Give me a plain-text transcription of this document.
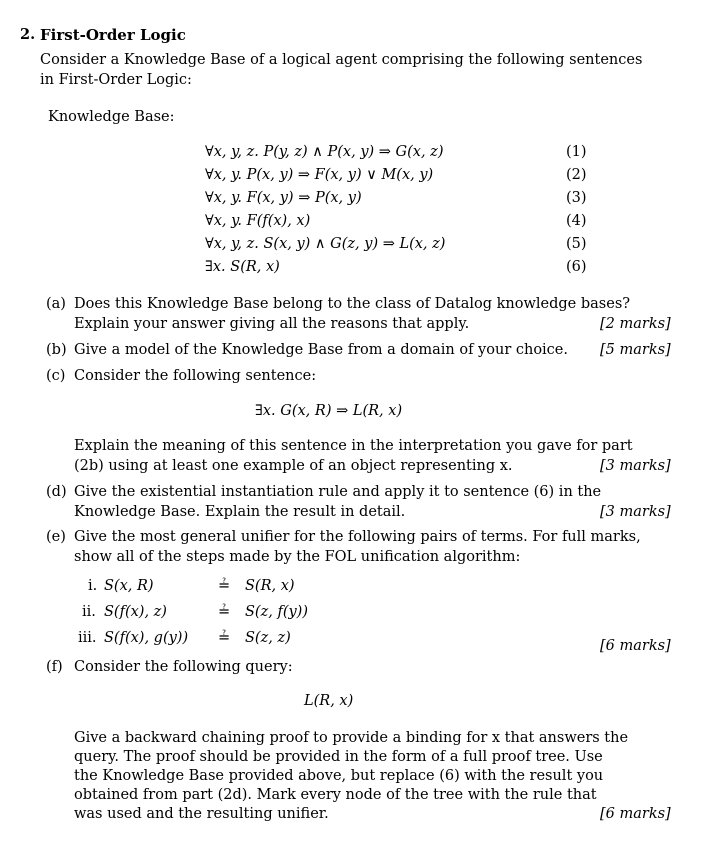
2. First-Order Logic
Consider a Knowledge Base of a logical agent comprising the following sentences
in First-Order Logic:
Knowledge Base:
∀x, y, z. P(y, z) ∧ P(x, y) ⇒ G(x, z)	(1)
∀x, y. P(x, y) ⇒ F(x, y) ∨ M(x, y)	(2)
∀x, y. F(x, y) ⇒ P(x, y)	(3)
∀x, y. F(f(x), x)	(4)
∀x, y, z. S(x, y) ∧ G(z, y) ⇒ L(x, z)	(5)
∃x. S(R, x)	(6)
(a) Does this Knowledge Base belong to the class of Datalog knowledge bases?
Explain your answer giving all the reasons that apply.	[2 marks]
(b) Give a model of the Knowledge Base from a domain of your choice. [5 marks]
(c) Consider the following sentence:
∃x. G(x, R) ⇒ L(R, x)
Explain the meaning of this sentence in the interpretation you gave for part
(2b) using at least one example of an object representing x.	[3 marks]
(d) Give the existential instantiation rule and apply it to sentence (6) in the
Knowledge Base. Explain the result in detail.	[3 marks]
(e) Give the most general unifier for the following pairs of terms. For full marks,
show all of the steps made by the FOL unification algorithm:
i. S(x, R)	≟ S(R, x)
ii. S(f(x), z)	≟ S(z, f(y))
iii. S(f(x), g(y)) ≟ S(z, z)	[6 marks]
(f) Consider the following query:
L(R, x)
Give a backward chaining proof to provide a binding for x that answers the
query. The proof should be provided in the form of a full proof tree. Use
the Knowledge Base provided above, but replace (6) with the result you
obtained from part (2d). Mark every node of the tree with the rule that
was used and the resulting unifier.	[6 marks]
